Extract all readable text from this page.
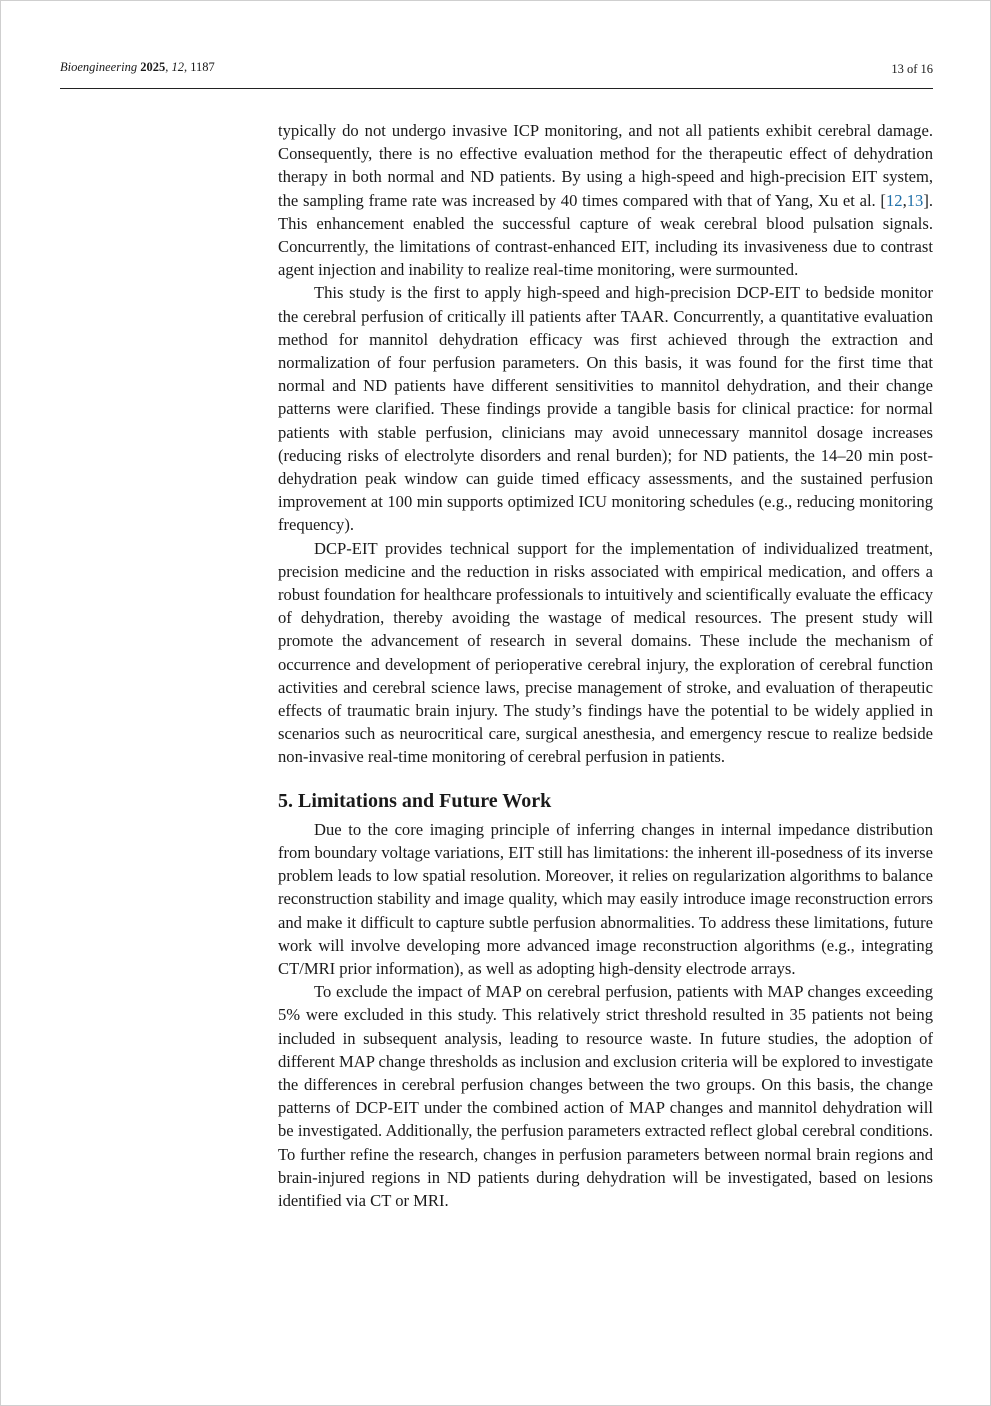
Bioengineering 2025, 12, 1187	13 of 16

typically do not undergo invasive ICP monitoring, and not all patients exhibit cerebral damage. Consequently, there is no effective evaluation method for the therapeutic effect of dehydration therapy in both normal and ND patients. By using a high-speed and high-precision EIT system, the sampling frame rate was increased by 40 times compared with that of Yang, Xu et al. [12,13]. This enhancement enabled the successful capture of weak cerebral blood pulsation signals. Concurrently, the limitations of contrast-enhanced EIT, including its invasiveness due to contrast agent injection and inability to realize real-time monitoring, were surmounted.

This study is the first to apply high-speed and high-precision DCP-EIT to bedside monitor the cerebral perfusion of critically ill patients after TAAR. Concurrently, a quantitative evaluation method for mannitol dehydration efficacy was first achieved through the extraction and normalization of four perfusion parameters. On this basis, it was found for the first time that normal and ND patients have different sensitivities to mannitol dehydration, and their change patterns were clarified. These findings provide a tangible basis for clinical practice: for normal patients with stable perfusion, clinicians may avoid unnecessary mannitol dosage increases (reducing risks of electrolyte disorders and renal burden); for ND patients, the 14–20 min post-dehydration peak window can guide timed efficacy assessments, and the sustained perfusion improvement at 100 min supports optimized ICU monitoring schedules (e.g., reducing monitoring frequency).

DCP-EIT provides technical support for the implementation of individualized treatment, precision medicine and the reduction in risks associated with empirical medication, and offers a robust foundation for healthcare professionals to intuitively and scientifically evaluate the efficacy of dehydration, thereby avoiding the wastage of medical resources. The present study will promote the advancement of research in several domains. These include the mechanism of occurrence and development of perioperative cerebral injury, the exploration of cerebral function activities and cerebral science laws, precise management of stroke, and evaluation of therapeutic effects of traumatic brain injury. The study’s findings have the potential to be widely applied in scenarios such as neurocritical care, surgical anesthesia, and emergency rescue to realize bedside non-invasive real-time monitoring of cerebral perfusion in patients.

5. Limitations and Future Work

Due to the core imaging principle of inferring changes in internal impedance distribution from boundary voltage variations, EIT still has limitations: the inherent ill-posedness of its inverse problem leads to low spatial resolution. Moreover, it relies on regularization algorithms to balance reconstruction stability and image quality, which may easily introduce image reconstruction errors and make it difficult to capture subtle perfusion abnormalities. To address these limitations, future work will involve developing more advanced image reconstruction algorithms (e.g., integrating CT/MRI prior information), as well as adopting high-density electrode arrays.

To exclude the impact of MAP on cerebral perfusion, patients with MAP changes exceeding 5% were excluded in this study. This relatively strict threshold resulted in 35 patients not being included in subsequent analysis, leading to resource waste. In future studies, the adoption of different MAP change thresholds as inclusion and exclusion criteria will be explored to investigate the differences in cerebral perfusion changes between the two groups. On this basis, the change patterns of DCP-EIT under the combined action of MAP changes and mannitol dehydration will be investigated. Additionally, the perfusion parameters extracted reflect global cerebral conditions. To further refine the research, changes in perfusion parameters between normal brain regions and brain-injured regions in ND patients during dehydration will be investigated, based on lesions identified via CT or MRI.
